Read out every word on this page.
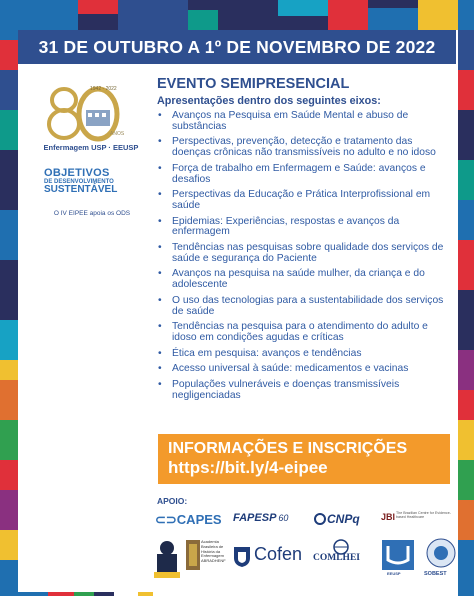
31 DE OUTUBRO A 1º DE NOVEMBRO DE 2022
1942 - 2022
ANOS
Enfermagem USP · EEUSP
OBJETIVOS
DE DESENVOLVIMENTO
SUSTENTÁVEL
O IV EIPEE apoia os ODS
EVENTO SEMIPRESENCIAL
Apresentações dentro dos seguintes eixos:
• Avanços na Pesquisa em Saúde Mental e abuso de substâncias
• Perspectivas, prevenção, detecção e tratamento das doenças crônicas não transmissíveis no adulto e no idoso
• Força de trabalho em Enfermagem e Saúde: avanços e desafios
• Perspectivas da Educação e Prática Interprofissional em saúde
• Epidemias: Experiências, respostas e avanços da enfermagem
• Tendências nas pesquisas sobre qualidade dos serviços de saúde e segurança do Paciente
• Avanços na pesquisa na saúde mulher, da criança e do adolescente
• O uso das tecnologias para a sustentabilidade dos serviços de saúde
• Tendências na pesquisa para o atendimento do adulto e idoso em condições agudas e críticas
• Ética em pesquisa: avanços e tendências
• Acesso universal à saúde: medicamentos e vacinas
• Populações vulneráveis e doenças transmissíveis negligenciadas
INFORMAÇÕES E INSCRIÇÕES
https://bit.ly/4-eipee
APOIO:
⊂⊃CAPES FAPESP 60	CNPq JBI The Brazilian Centre for Evidence-based Healthcare
Academia Brasileira de História da Enfermagem ABRADHENF	Cofen COMLHEI
EEUSP	SOBEST
